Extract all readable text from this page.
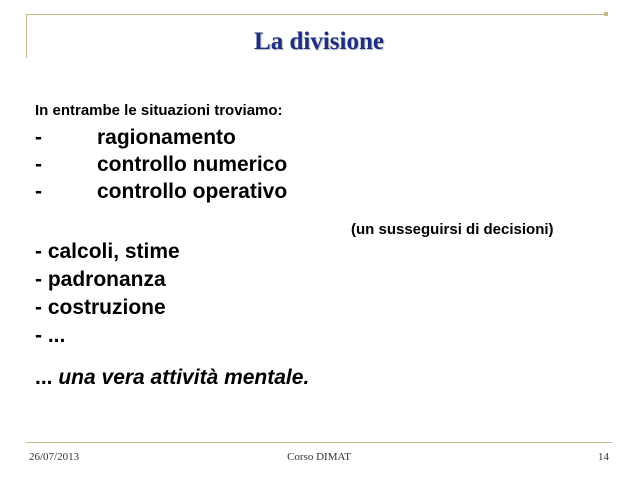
La divisione
In entrambe le situazioni troviamo:
-	ragionamento
-	controllo numerico
-	controllo operativo
(un susseguirsi di decisioni)
- calcoli, stime
- padronanza
- costruzione
- ...
... una vera attività mentale.
26/07/2013	Corso DIMAT	14
